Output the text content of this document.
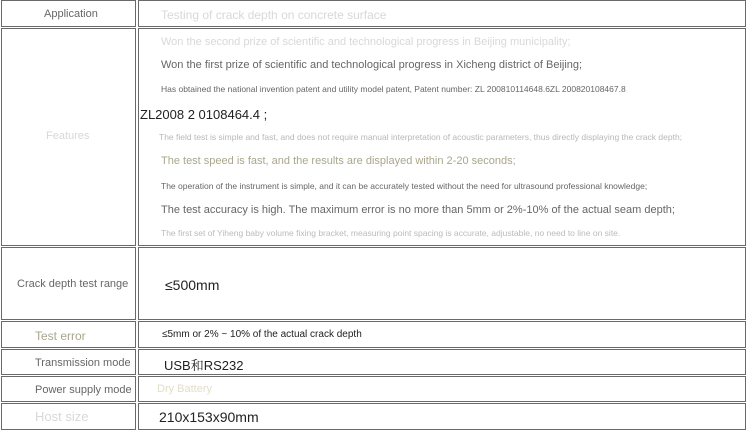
Application	Testing of crack depth on concrete surface
Features
Won the second prize of scientific and technological progress in Beijing municipality;
Won the first prize of scientific and technological progress in Xicheng district of Beijing;
Has obtained the national invention patent and utility model patent, Patent number: ZL 200810114648.6ZL 200820108467.8
ZL2008 2 0108464.4 ;
The field test is simple and fast, and does not require manual interpretation of acoustic parameters, thus directly displaying the crack depth;
The test speed is fast, and the results are displayed within 2-20 seconds;
The operation of the instrument is simple, and it can be accurately tested without the need for ultrasound professional knowledge;
The test accuracy is high. The maximum error is no more than 5mm or 2%-10% of the actual seam depth;
The first set of Yiheng baby volume fixing bracket, measuring point spacing is accurate, adjustable, no need to line on site.
Crack depth test range	≤500mm
Test error	≤5mm or 2% ~ 10% of the actual crack depth
Transmission mode	USB和RS232
Power supply mode Dry Battery
Host size	210x153x90mm
